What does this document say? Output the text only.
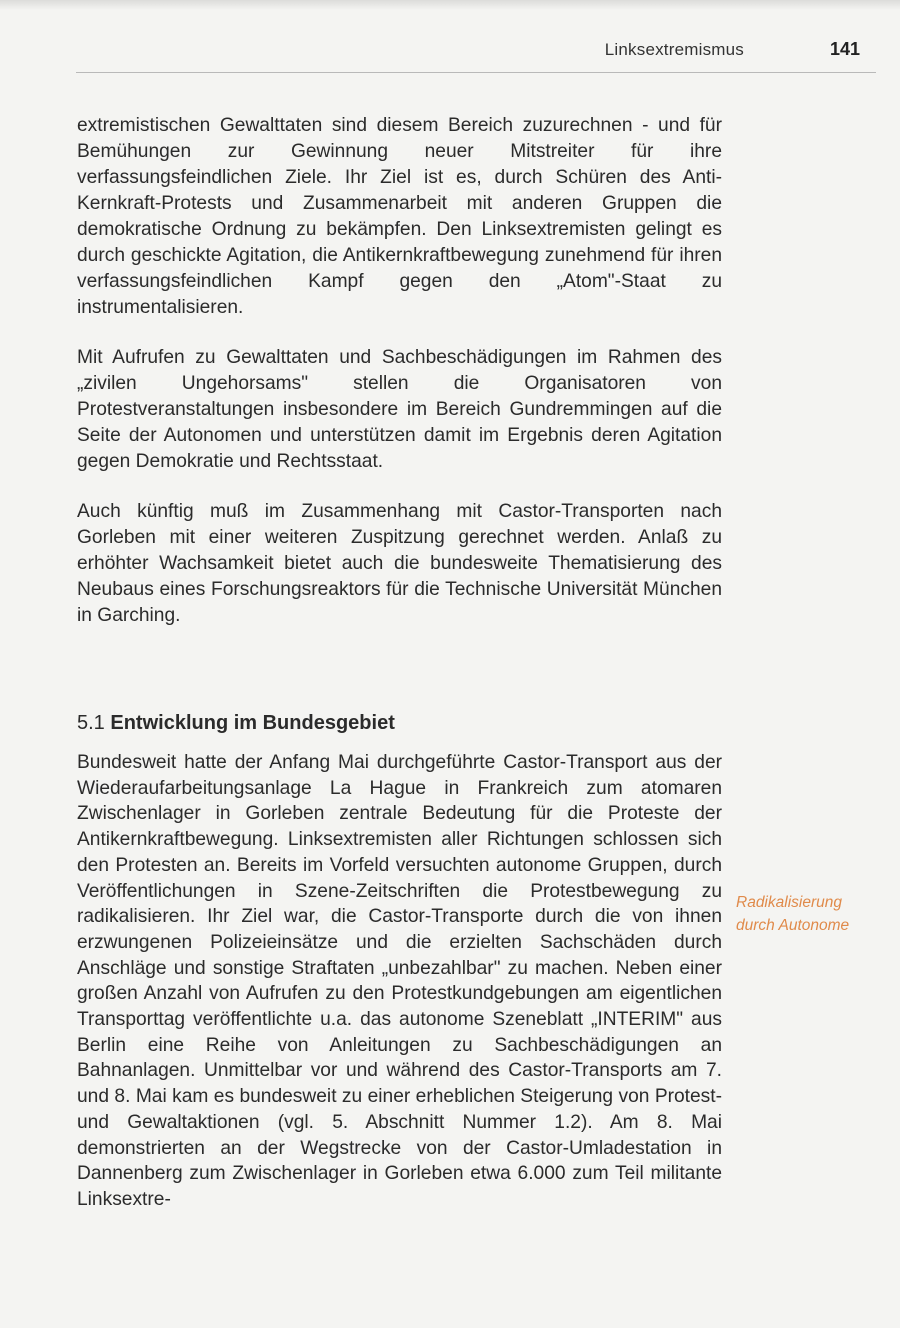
Linksextremismus	141

extremistischen Gewalttaten sind diesem Bereich zuzurechnen - und für Bemühungen zur Gewinnung neuer Mitstreiter für ihre verfassungsfeindlichen Ziele. Ihr Ziel ist es, durch Schüren des Anti-Kernkraft-Protests und Zusammenarbeit mit anderen Gruppen die demokratische Ordnung zu bekämpfen. Den Linksextremisten gelingt es durch geschickte Agitation, die Antikernkraftbewegung zunehmend für ihren verfassungsfeindlichen Kampf gegen den „Atom"-Staat zu instrumentalisieren.

Mit Aufrufen zu Gewalttaten und Sachbeschädigungen im Rahmen des „zivilen Ungehorsams" stellen die Organisatoren von Protestveranstaltungen insbesondere im Bereich Gundremmingen auf die Seite der Autonomen und unterstützen damit im Ergebnis deren Agitation gegen Demokratie und Rechtsstaat.

Auch künftig muß im Zusammenhang mit Castor-Transporten nach Gorleben mit einer weiteren Zuspitzung gerechnet werden. Anlaß zu erhöhter Wachsamkeit bietet auch die bundesweite Thematisierung des Neubaus eines Forschungsreaktors für die Technische Universität München in Garching.

5.1 Entwicklung im Bundesgebiet

Bundesweit hatte der Anfang Mai durchgeführte Castor-Transport aus der Wiederaufarbeitungsanlage La Hague in Frankreich zum atomaren Zwischenlager in Gorleben zentrale Bedeutung für die Proteste der Antikernkraftbewegung. Linksextremisten aller Richtungen schlossen sich den Protesten an. Bereits im Vorfeld versuchten autonome Gruppen, durch Veröffentlichungen in Szene-Zeitschriften die Protestbewegung zu radikalisieren. Ihr Ziel war, die Castor-Transporte durch die von ihnen erzwungenen Polizeieinsätze und die erzielten Sachschäden durch Anschläge und sonstige Straftaten „unbezahlbar" zu machen. Neben einer großen Anzahl von Aufrufen zu den Protestkundgebungen am eigentlichen Transporttag veröffentlichte u.a. das autonome Szeneblatt „INTERIM" aus Berlin eine Reihe von Anleitungen zu Sachbeschädigungen an Bahnanlagen. Unmittelbar vor und während des Castor-Transports am 7. und 8. Mai kam es bundesweit zu einer erheblichen Steigerung von Protest- und Gewaltaktionen (vgl. 5. Abschnitt Nummer 1.2). Am 8. Mai demonstrierten an der Wegstrecke von der Castor-Umladestation in Dannenberg zum Zwischenlager in Gorleben etwa 6.000 zum Teil militante Linksextre-

Radikalisierung
durch Autonome
